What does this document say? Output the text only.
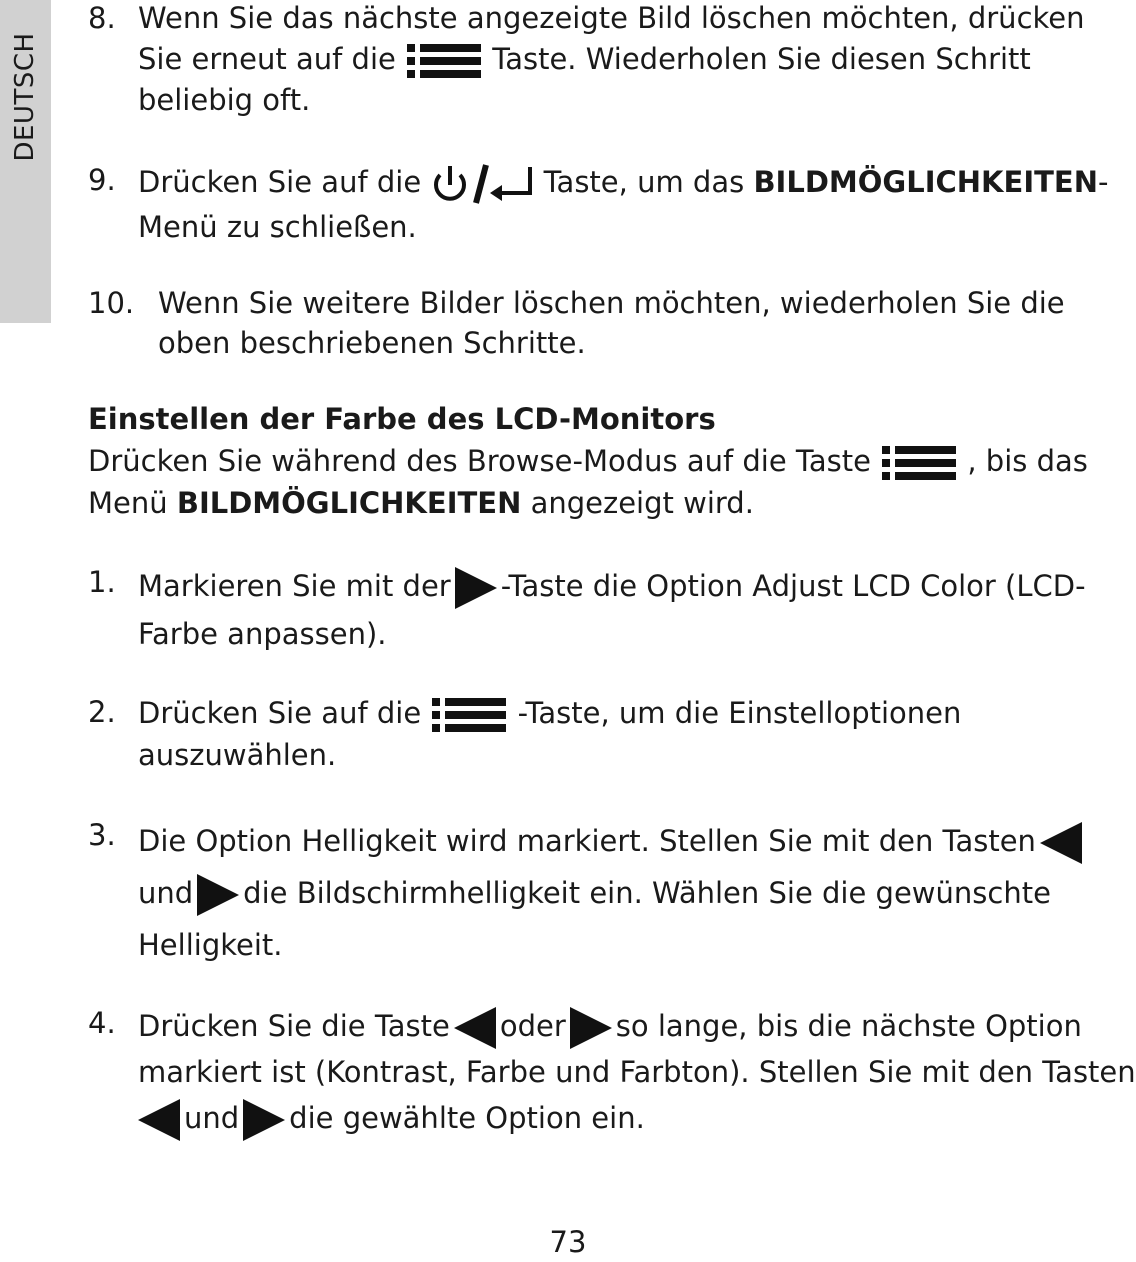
DEUTSCH
8. Wenn Sie das nächste angezeigte Bild löschen möchten, drücken Sie erneut auf die	Taste. Wiederholen Sie diesen Schritt beliebig oft.
9. Drücken Sie auf die	Taste, um das BILDMÖGLICHKEITEN-Menü zu schließen.
10. Wenn Sie weitere Bilder löschen möchten, wiederholen Sie die oben beschriebenen Schritte.
Einstellen der Farbe des LCD-Monitors
Drücken Sie während des Browse-Modus auf die Taste	, bis das Menü BILDMÖGLICHKEITEN angezeigt wird.
1. Markieren Sie mit der -Taste die Option Adjust LCD Color (LCD-Farbe anpassen).
2. Drücken Sie auf die	-Taste, um die Einstelloptionen auszuwählen.
3. Die Option Helligkeit wird markiert. Stellen Sie mit den Tasten und die Bildschirmhelligkeit ein. Wählen Sie die gewünschte Helligkeit.
4. Drücken Sie die Taste oder so lange, bis die nächste Option markiert ist (Kontrast, Farbe und Farbton). Stellen Sie mit den Tasten und die gewählte Option ein.
73
